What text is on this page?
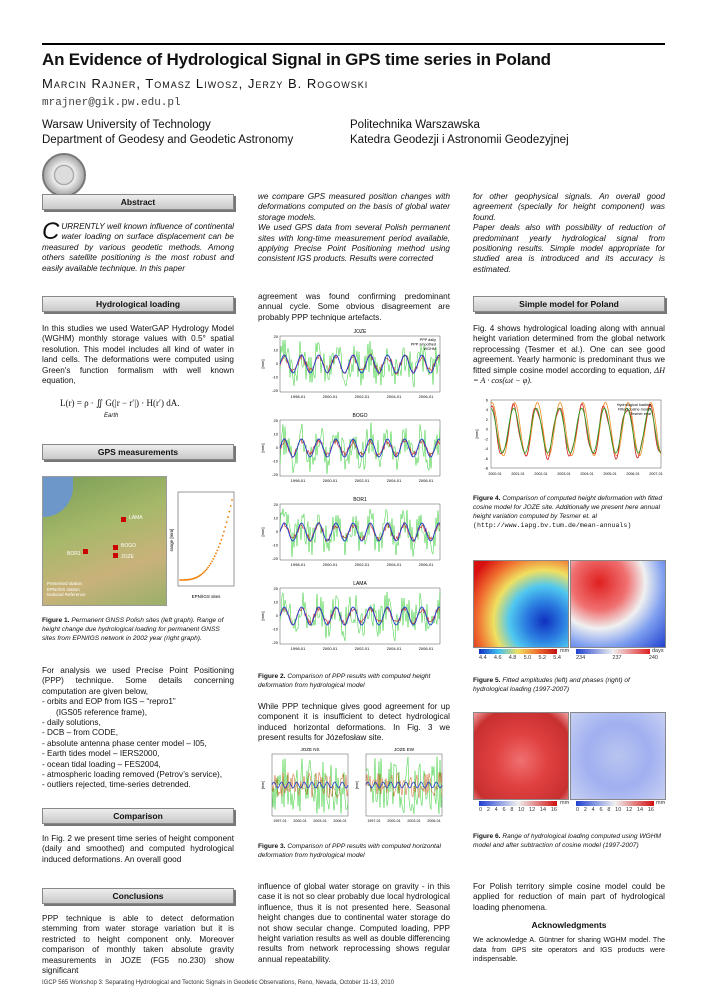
An Evidence of Hydrological Signal in GPS time series in Poland
Marcin Rajner, Tomasz Liwosz, Jerzy B. Rogowski
mrajner@gik.pw.edu.pl
Warsaw University of Technology
Department of Geodesy and Geodetic Astronomy
Politechnika Warszawska
Katedra Geodezji i Astronomii Geodezyjnej
Abstract
CURRENTLY well known influence of continental water loading on surface displacement can be measured by various geodetic methods. Among others satellite positioning is the most robust and easily available technique. In this paper
Hydrological loading
In this studies we used WaterGAP Hydrology Model (WGHM) monthly storage values with 0.5° spatial resolution. This model includes all kind of water in land cells. The deformations were computed using Green's function formalism with well known equation,
L(r) = ρ · ∬ G(|r − r′|) · H(r′) dA.
Earth
GPS measurements
LAMA
BOGO
BOR1	JOZE
Presented station
EPN/IGS station
National Reference	EPN/IGS sites
range [mm]
Figure 1. Permanent GNSS Polish sites (left graph). Range of height change due hydrological loading for permanent GNSS sites from EPN/IGS network in 2002 year (right graph).
For analysis we used Precise Point Positioning (PPP) technique. Some details concerning computation are given below,
- orbits and EOP from IGS – “repro1”
(IGS05 reference frame),
- daily solutions,
- DCB – from CODE,
- absolute antenna phase center model – I05,
- Earth tides model – IERS2000,
- ocean tidal loading – FES2004,
- atmospheric loading removed (Petrov’s service),
- outliers rejected, time-series detrended.
Comparison
In Fig. 2 we present time series of height component (daily and smoothed) and computed hydrological induced deformations. An overall good
Conclusions
PPP technique is able to detect deformation stemming from water storage variation but it is restricted to height component only. Moreover comparison of monthly taken absolute gravity measurements in JOZE (FG5 no.230) show significant
we compare GPS measured position changes with deformations computed on the basis of global water storage models.
We used GPS data from several Polish permanent sites with long-time measurement period available, applying Precise Point Positioning method using consistent IGS products. Results were corrected
agreement was found confirming predominant annual cycle. Some obvious disagreement are probably PPP technique artefacts.
JOZE
20
10
0
-10
-20
[mm]
1998-01	2000-01	2002-01	2004-01	2006-01
PPP daily
PPP smoothed
WGHM
BOGO
20
10
0
-10
-20
[mm]
1998-01	2000-01	2002-01	2004-01	2006-01
BOR1
20
10
0
-10
-20
[mm]
1998-01	2000-01	2002-01	2004-01	2006-01
LAMA
20
10
0
-10
-20
[mm]
1998-01	2000-01	2002-01	2004-01	2006-01
Figure 2. Comparison of PPP results with computed height deformation from hydrological model
While PPP technique gives good agreement for up component it is insufficient to detect hydrological induced horizontal deformations. In Fig. 3 we present results for Józefosław site.
JOZE NS
[mm]
1997-01 2000-01 2003-01 2006-01
JOZE EW
[mm]
1997-01 2000-01 2003-01 2006-01
Figure 3. Comparison of PPP results with computed horizontal deformation from hydrological model
influence of global water storage on gravity - in this case it is not so clear probably due local hydrological influence, thus it is not presented here. Seasonal height changes due to continental water storage do not show secular change. Computed loading, PPP height variation results as well as double differencing results from network reprocessing shows regular annual repeatability.
for other geophysical signals. An overall good agreement (specially for height component) was found.
Paper deals also with possibility of reduction of predominant yearly hydrological signal from positioning results. Simple model appropriate for studied area is introduced and its accuracy is estimated.
Simple model for Poland
Fig. 4 shows hydrological loading along with annual height variation determined from the global network reprocessing (Tesmer et al.). One can see good agreement. Yearly harmonic is predominant thus we fitted simple cosine model according to equation, ΔH = A · cos(ωt − φ).
6
4
2
0
-2
-4
-6
-8
[mm]
Hydrological loading
Fitted cosine model
Tesmer et al
2000-01	2001-01	2002-01	2003-01	2004-01	2005-01	2006-01	2007-01
Figure 4. Comparison of computed height deformation with fitted cosine model for JOZE site. Additionally we present here annual height variation computed by Tesmer et. al (http://www.iapg.bv.tum.de/mean-annuals)
4.4 4.6 4.8 5.0 5.2 5.4
mm
234	237	240
days
Figure 5. Fitted amplitudes (left) and phases (right) of hydrological loading (1997-2007)
mm	mm
0 2 4 6 8 10 12 14 16	0 2 4 6 8 10 12 14 16
Figure 6. Range of hydrological loading computed using WGHM model and after subtraction of cosine model (1997-2007)
For Polish territory simple cosine model could be applied for reduction of main part of hydrological loading phenomena.
Acknowledgments
We acknowledge A. Güntner for sharing WGHM model. The data from GPS site operators and IGS products were indispensable.
IGCP 565 Workshop 3: Separating Hydrological and Tectonic Signals in Geodetic Observations, Reno, Nevada, October 11-13, 2010
